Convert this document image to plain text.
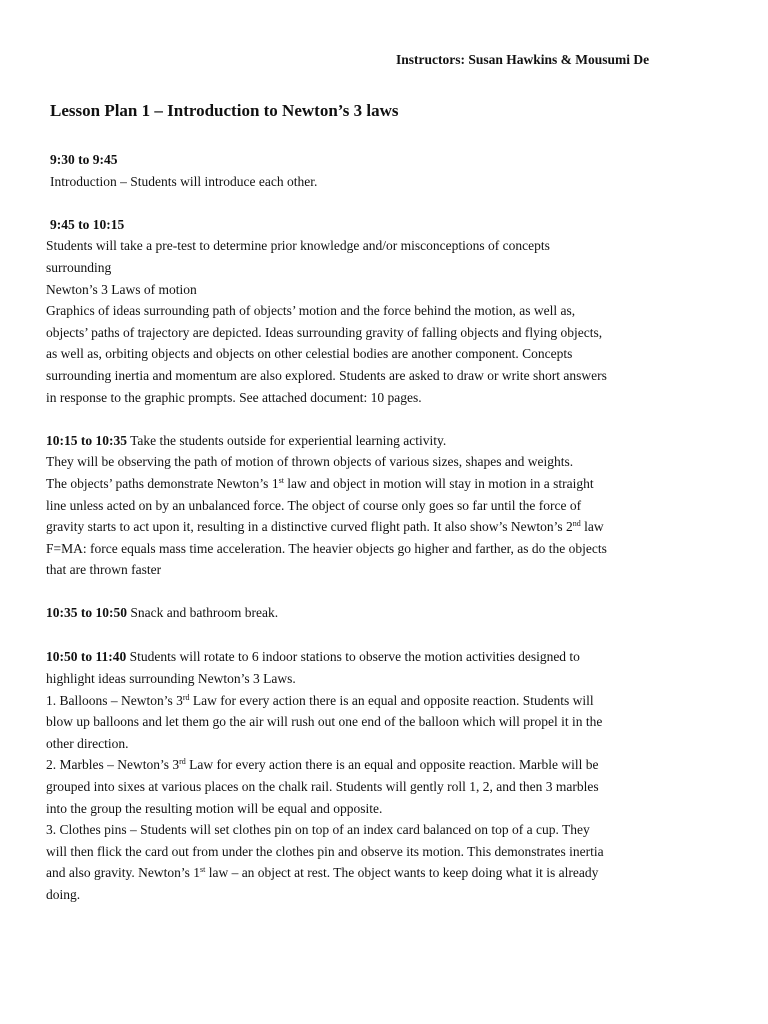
Instructors: Susan Hawkins & Mousumi De
Lesson Plan 1 – Introduction to Newton’s 3 laws
9:30 to 9:45
Introduction – Students will introduce each other.
9:45 to 10:15
Students will take a pre-test to determine prior knowledge and/or misconceptions of concepts
surrounding
Newton’s 3 Laws of motion
Graphics of ideas surrounding path of objects’ motion and the force behind the motion, as well as,
objects’ paths of trajectory are depicted. Ideas surrounding gravity of falling objects and flying objects,
as well as, orbiting objects and objects on other celestial bodies are another component. Concepts
surrounding inertia and momentum are also explored. Students are asked to draw or write short answers
in response to the graphic prompts. See attached document: 10 pages.
10:15 to 10:35 Take the students outside for experiential learning activity.
They will be observing the path of motion of thrown objects of various sizes, shapes and weights.
The objects’ paths demonstrate Newton’s 1st law and object in motion will stay in motion in a straight
line unless acted on by an unbalanced force. The object of course only goes so far until the force of
gravity starts to act upon it, resulting in a distinctive curved flight path. It also show’s Newton’s 2nd law
F=MA: force equals mass time acceleration. The heavier objects go higher and farther, as do the objects
that are thrown faster
10:35 to 10:50 Snack and bathroom break.
10:50 to 11:40 Students will rotate to 6 indoor stations to observe the motion activities designed to
highlight ideas surrounding Newton’s 3 Laws.
1. Balloons – Newton’s 3rd Law for every action there is an equal and opposite reaction. Students will
blow up balloons and let them go the air will rush out one end of the balloon which will propel it in the
other direction.
2. Marbles – Newton’s 3rd Law for every action there is an equal and opposite reaction. Marble will be
grouped into sixes at various places on the chalk rail. Students will gently roll 1, 2, and then 3 marbles
into the group the resulting motion will be equal and opposite.
3. Clothes pins – Students will set clothes pin on top of an index card balanced on top of a cup. They
will then flick the card out from under the clothes pin and observe its motion. This demonstrates inertia
and also gravity. Newton’s 1st law – an object at rest. The object wants to keep doing what it is already
doing.
